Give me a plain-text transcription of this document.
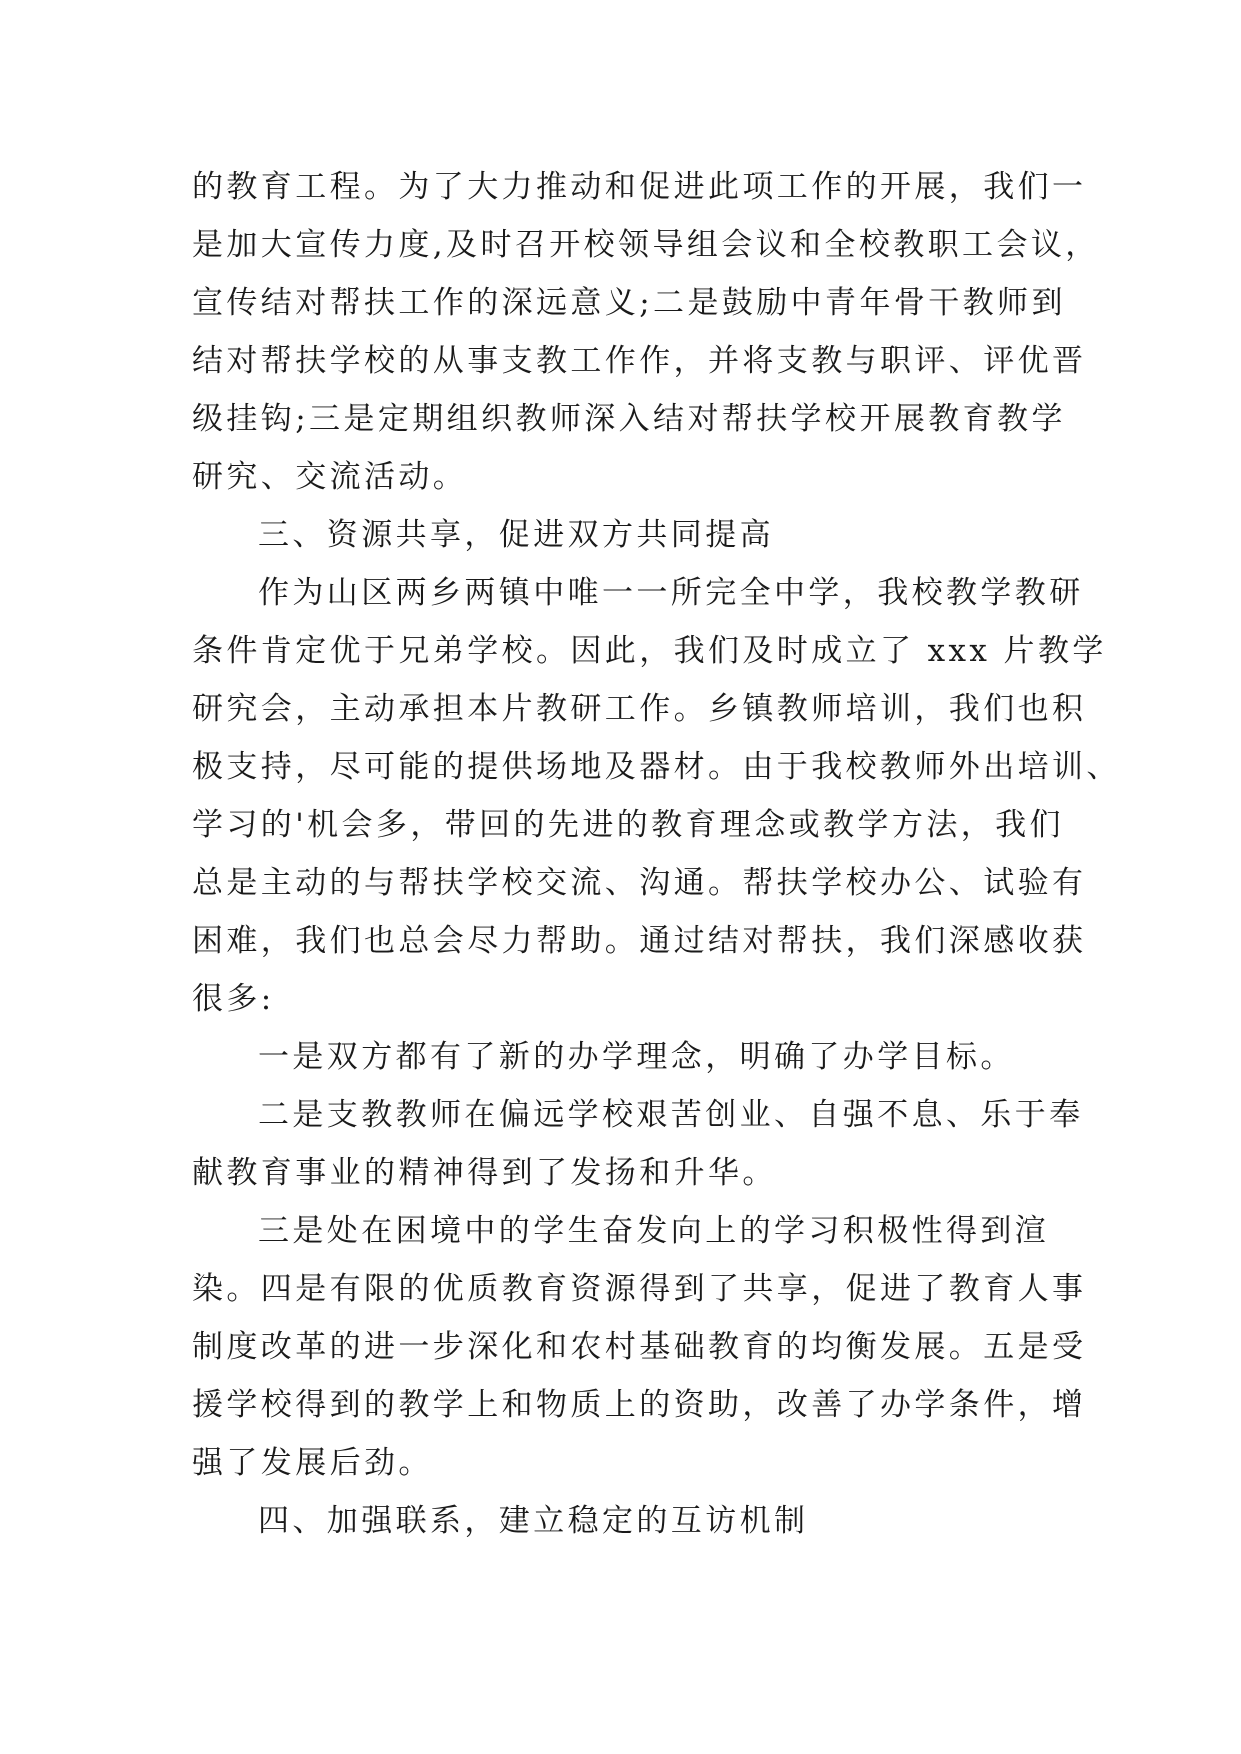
的教育工程。为了大力推动和促进此项工作的开展，我们一
是加大宣传力度,及时召开校领导组会议和全校教职工会议，
宣传结对帮扶工作的深远意义;二是鼓励中青年骨干教师到
结对帮扶学校的从事支教工作作，并将支教与职评、评优晋
级挂钩;三是定期组织教师深入结对帮扶学校开展教育教学
研究、交流活动。
三、资源共享，促进双方共同提高
作为山区两乡两镇中唯一一所完全中学，我校教学教研
条件肯定优于兄弟学校。因此，我们及时成立了 xxx 片教学
研究会，主动承担本片教研工作。乡镇教师培训，我们也积
极支持，尽可能的提供场地及器材。由于我校教师外出培训、
学习的'机会多，带回的先进的教育理念或教学方法，我们
总是主动的与帮扶学校交流、沟通。帮扶学校办公、试验有
困难，我们也总会尽力帮助。通过结对帮扶，我们深感收获
很多:
一是双方都有了新的办学理念，明确了办学目标。
二是支教教师在偏远学校艰苦创业、自强不息、乐于奉
献教育事业的精神得到了发扬和升华。
三是处在困境中的学生奋发向上的学习积极性得到渲
染。四是有限的优质教育资源得到了共享，促进了教育人事
制度改革的进一步深化和农村基础教育的均衡发展。五是受
援学校得到的教学上和物质上的资助，改善了办学条件，增
强了发展后劲。
四、加强联系，建立稳定的互访机制
